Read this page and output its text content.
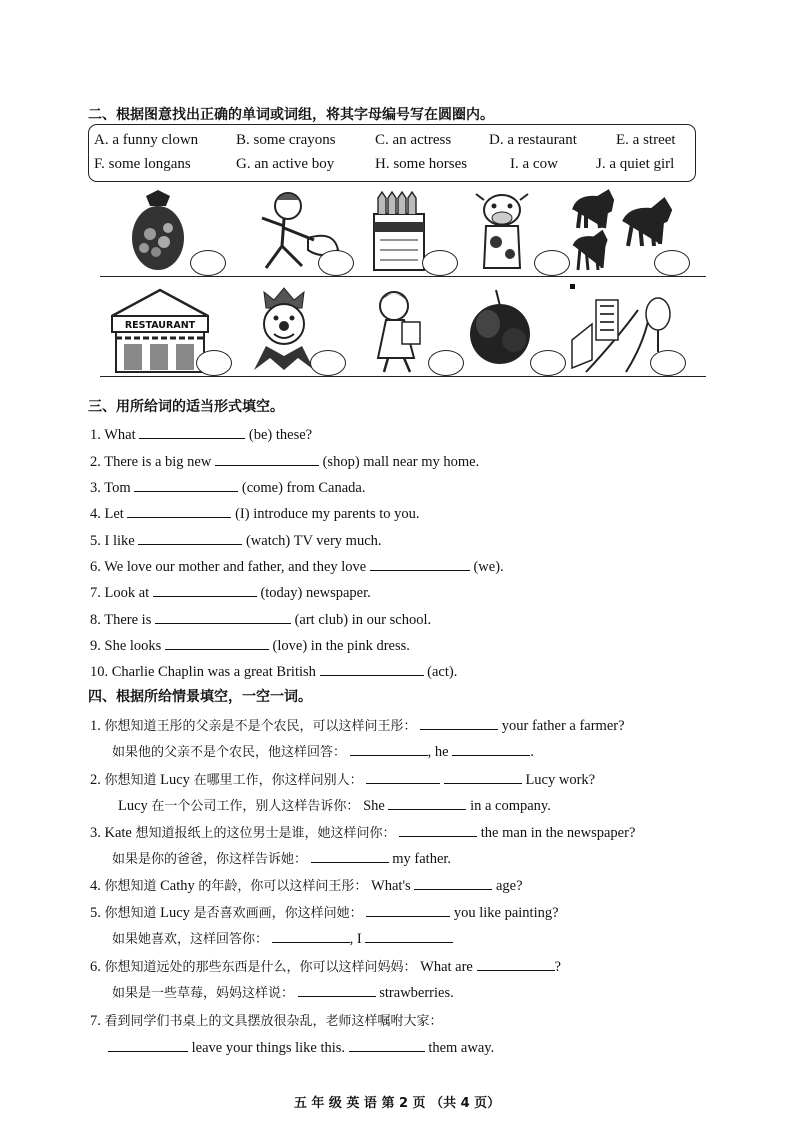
二、根据图意找出正确的单词或词组，将其字母编号写在圆圈内。
A. a funny clown	B. some crayons	C. an actress	D. a restaurant	E. a street
F. some longans	G. an active boy	H. some horses	I. a cow	J. a quiet girl
RESTAURANT
三、用所给词的适当形式填空。
1. What	(be) these?
2. There is a big new	(shop) mall near my home.
3. Tom	(come) from Canada.
4. Let	(I) introduce my parents to you.
5. I like	(watch) TV very much.
6. We love our mother and father, and they love	(we).
7. Look at	(today) newspaper.
8. There is	(art club) in our school.
9. She looks	(love) in the pink dress.
10. Charlie Chaplin was a great British	(act).
四、根据所给情景填空，一空一词。
1. 你想知道王彤的父亲是不是个农民，可以这样问王彤：	your father a farmer?
如果他的父亲不是个农民，他这样回答：	, he	.
2. 你想知道 Lucy 在哪里工作，你这样问别人：	Lucy work?
Lucy 在一个公司工作，别人这样告诉你： She	in a company.
3. Kate 想知道报纸上的这位男士是谁，她这样问你：	the man in the newspaper?
如果是你的爸爸，你这样告诉她：	my father.
4. 你想知道 Cathy 的年龄，你可以这样问王彤： What's	age?
5. 你想知道 Lucy 是否喜欢画画，你这样问她：	you like painting?
如果她喜欢，这样回答你：	, I
6. 你想知道远处的那些东西是什么，你可以这样问妈妈： What are	?
如果是一些草莓，妈妈这样说：	strawberries.
7. 看到同学们书桌上的文具摆放很杂乱，老师这样嘱咐大家：
leave your things like this.	them away.
五 年 级 英 语 第 2 页 （共 4 页）
